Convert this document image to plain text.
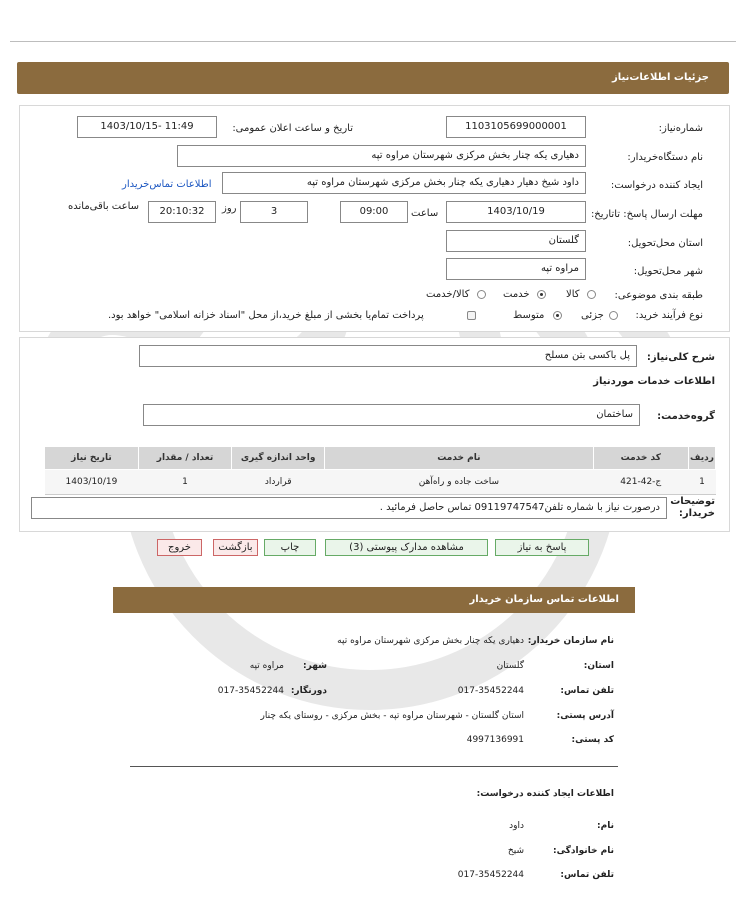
جزئیات اطلاعات‌نیاز
شماره‌نیاز:
1103105699000001
تاریخ و ساعت اعلان عمومی:
1403/10/15- 11:49
نام دستگاه‌خریدار:
دهیاری یکه چنار بخش مرکزی شهرستان مراوه تپه
ایجاد کننده درخواست:
داود شیخ دهیار دهیاری یکه چنار بخش مرکزی شهرستان مراوه تپه
اطلاعات تماس‌خریدار
مهلت ارسال پاسخ: تاتاریخ:
1403/10/19
ساعت
09:00
3
روز
20:10:32
ساعت باقی‌مانده
استان محل‌تحویل:
گلستان
شهر محل‌تحویل:
مراوه تپه
طبقه بندی موضوعی:
کالا
خدمت
کالا/خدمت
نوع فرآیند خرید:
جزئی
متوسط
پرداخت تمام‌یا بخشی از مبلغ خرید،از محل "اسناد خزانه اسلامی" خواهد بود.
شرح کلی‌نیاز:
پل باکسی بتن مسلح
اطلاعات خدمات موردنیاز
گروه‌خدمت:
ساختمان
ردیف	کد خدمت	نام خدمت	واحد اندازه گیری	تعداد / مقدار	تاریخ نیاز
1	ج-42-421	ساخت جاده و راه‌آهن	قرارداد	1	1403/10/19
توضیحات خریدار:
درصورت نیاز با شماره تلفن09119747547 تماس حاصل فرمائید .
پاسخ به نیاز
مشاهده مدارک پیوستی (3)
چاپ
بازگشت
خروج
اطلاعات تماس سازمان خریدار
نام سازمان خریدار:
دهیاری یکه چنار بخش مرکزی شهرستان مراوه تپه
استان:
گلستان
شهر:
مراوه تپه
تلفن تماس:
017-35452244
دورنگار:
017-35452244
آدرس پستی:
استان گلستان - شهرستان مراوه تپه - بخش مرکزی - روستای یکه چنار
کد پستی:
4997136991
اطلاعات ایجاد کننده درخواست:
نام:
داود
نام خانوادگی:
شیخ
تلفن تماس:
017-35452244
